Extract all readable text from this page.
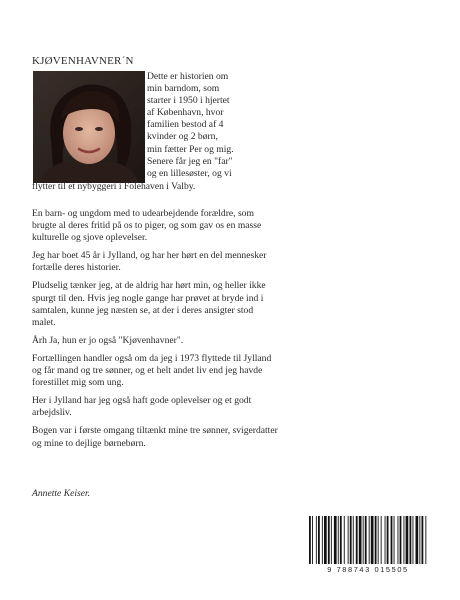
KJØVENHAVNER´N
Dette er historien om
min barndom, som
starter i 1950 i hjertet
af København, hvor
familien bestod af 4
kvinder og 2 børn,
min fætter Per og mig.
Senere får jeg en "far"
og en lillesøster, og vi
flytter til et nybyggeri i Folehaven i Valby.

En barn- og ungdom med to udearbejdende forældre, som brugte al deres fritid på os to piger, og som gav os en masse kulturelle og sjove oplevelser.

Jeg har boet 45 år i Jylland, og har her hørt en del mennesker fortælle deres historier.

Pludselig tænker jeg, at de aldrig har hørt min, og heller ikke spurgt til den. Hvis jeg nogle gange har prøvet at bryde ind i samtalen, kunne jeg næsten se, at der i deres ansigter stod malet.

Årh Ja, hun er jo også "Kjøvenhavner".

Fortællingen handler også om da jeg i 1973 flyttede til Jylland og får mand og tre sønner, og et helt andet liv end jeg havde forestillet mig som ung.

Her i Jylland har jeg også haft gode oplevelser og et godt arbejdsliv.

Bogen var i første omgang tiltænkt mine tre sønner, svigerdatter og mine to dejlige børnebørn.

Annette Keiser.
9 788743 015505
